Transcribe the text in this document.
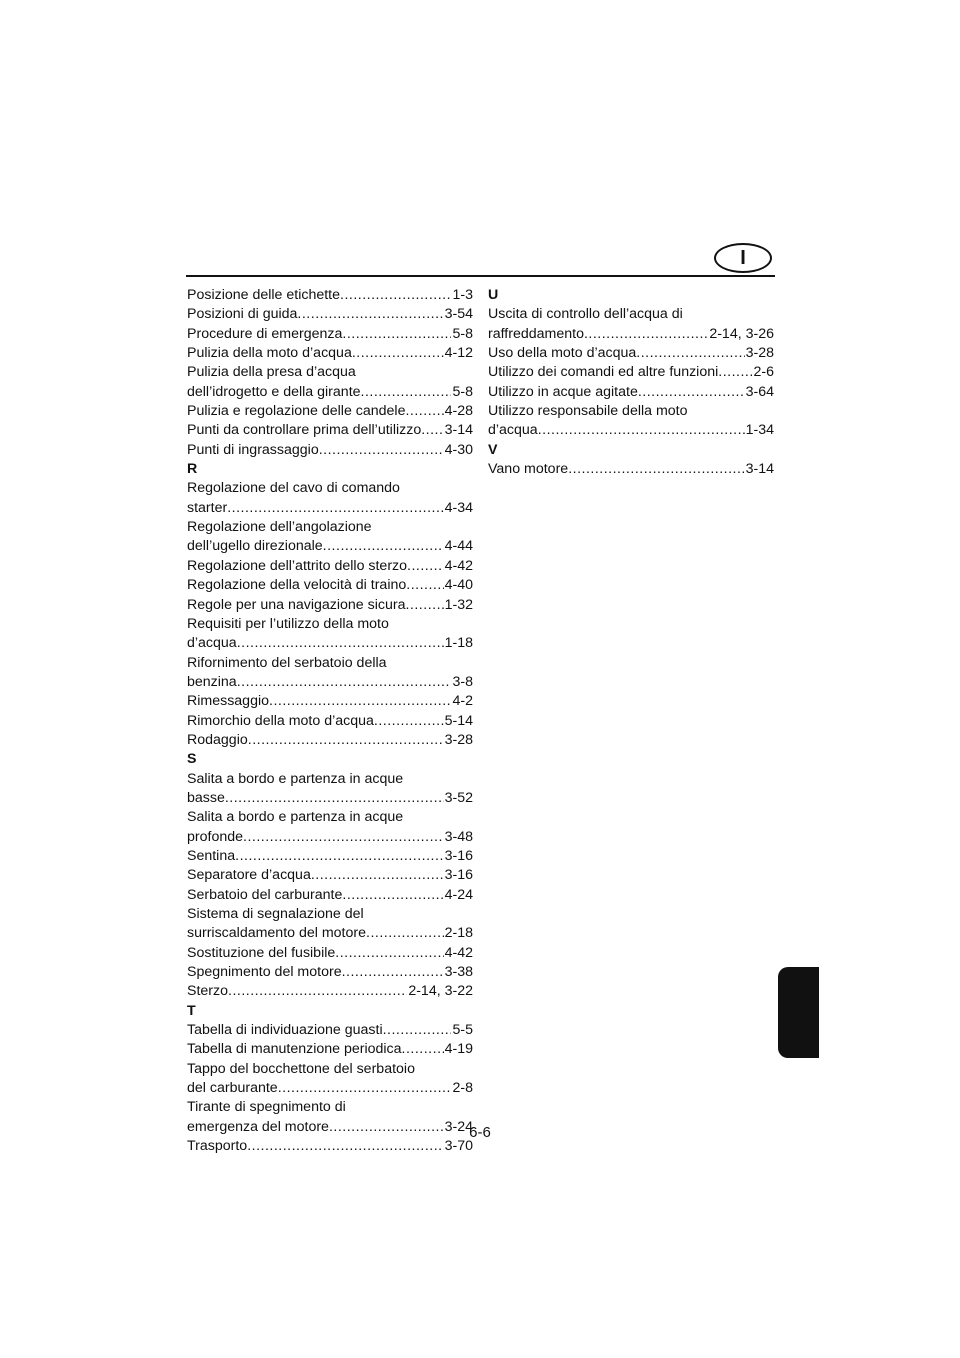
I
Posizione delle etichette .....	1-3
Posizioni di guida .....	3-54
Procedure di emergenza .....	5-8
Pulizia della moto d’acqua .....	4-12
Pulizia della presa d’acqua
dell’idrogetto e della girante .....	5-8
Pulizia e regolazione delle candele .....	4-28
Punti da controllare prima dell’utilizzo ..... 3-14
Punti di ingrassaggio .....	4-30
R
Regolazione del cavo di comando
starter .....	4-34
Regolazione dell’angolazione
dell’ugello direzionale .....	4-44
Regolazione dell’attrito dello sterzo .....	4-42
Regolazione della velocità di traino .....	4-40
Regole per una navigazione sicura .....	1-32
Requisiti per l’utilizzo della moto
d’acqua .....	1-18
Rifornimento del serbatoio della
benzina .....	3-8
Rimessaggio .....	4-2
Rimorchio della moto d’acqua .....	5-14
Rodaggio .....	3-28
S
Salita a bordo e partenza in acque
basse .....	3-52
Salita a bordo e partenza in acque
profonde .....	3-48
Sentina .....	3-16
Separatore d’acqua .....	3-16
Serbatoio del carburante .....	4-24
Sistema di segnalazione del
surriscaldamento del motore .....	2-18
Sostituzione del fusibile .....	4-42
Spegnimento del motore .....	3-38
Sterzo .....	2-14, 3-22
T
Tabella di individuazione guasti .....	5-5
Tabella di manutenzione periodica .....	4-19
Tappo del bocchettone del serbatoio
del carburante .....	2-8
Tirante di spegnimento di
emergenza del motore .....	3-24
Trasporto .....	3-70
U
Uscita di controllo dell’acqua di
raffreddamento .....	2-14, 3-26
Uso della moto d’acqua .....	3-28
Utilizzo dei comandi ed altre funzioni ..... 2-6
Utilizzo in acque agitate .....	3-64
Utilizzo responsabile della moto
d’acqua .....	1-34
V
Vano motore .....	3-14
6-6
